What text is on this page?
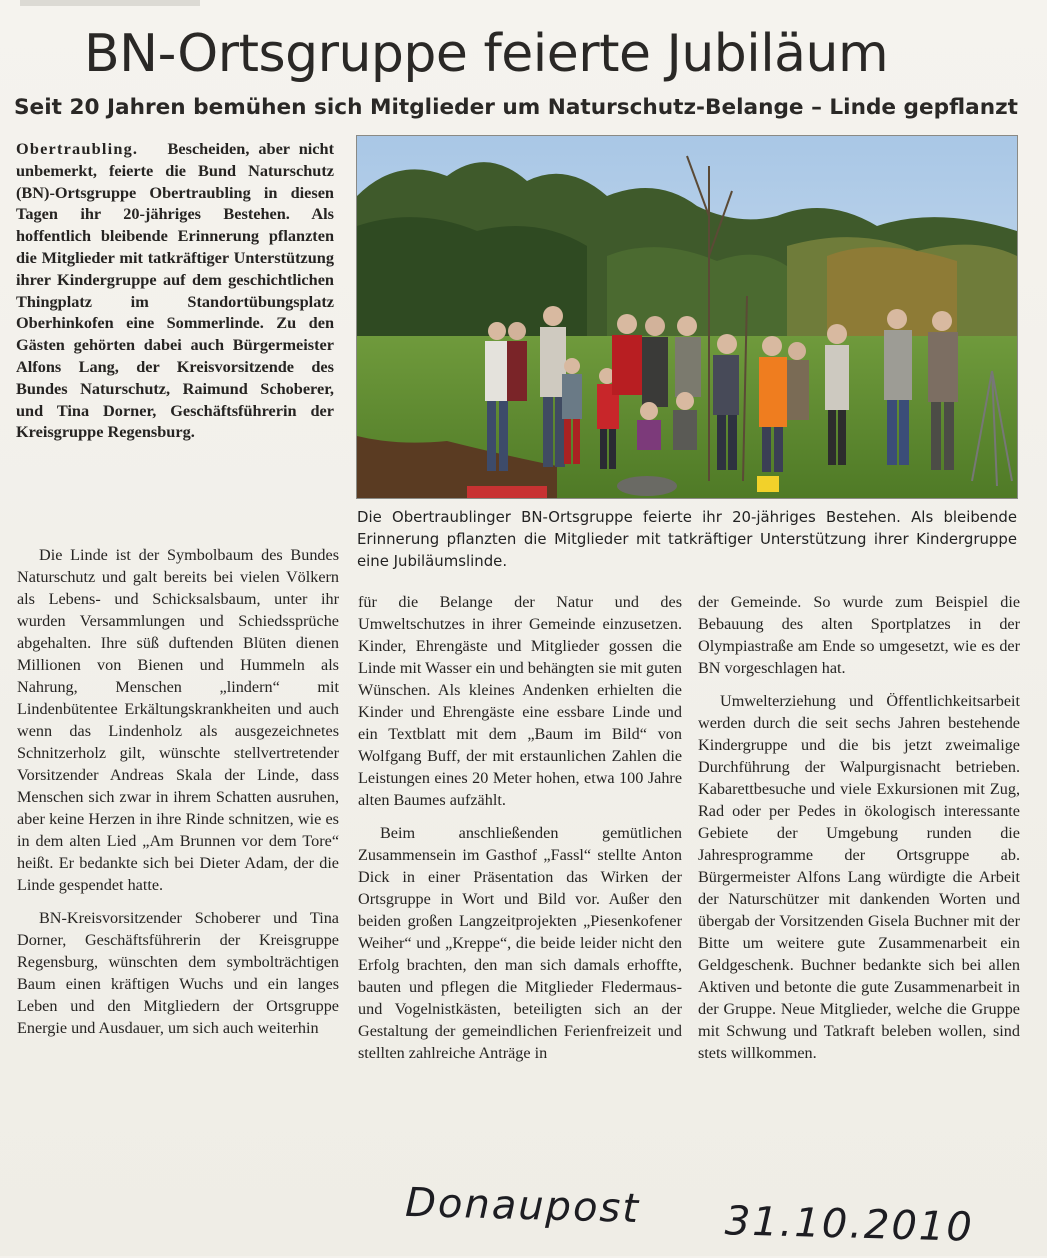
BN-Ortsgruppe feierte Jubiläum
Seit 20 Jahren bemühen sich Mitglieder um Naturschutz-Belange – Linde gepflanzt
Obertraubling.   Bescheiden, aber nicht unbemerkt, feierte die Bund Naturschutz (BN)-Ortsgruppe Obertraubling in diesen Tagen ihr 20-jähriges Bestehen. Als hoffentlich bleibende Erinnerung pflanzten die Mitglieder mit tatkräftiger Unterstützung ihrer Kindergruppe auf dem geschichtlichen Thingplatz im Standortübungsplatz Oberhinkofen eine Sommerlinde. Zu den Gästen gehörten dabei auch Bürgermeister Alfons Lang, der Kreisvorsitzende des Bundes Naturschutz, Raimund Schoberer, und Tina Dorner, Geschäftsführerin der Kreisgruppe Regensburg.

Die Obertraublinger BN-Ortsgruppe feierte ihr 20-jähriges Bestehen. Als bleibende Erinnerung pflanzten die Mitglieder mit tatkräftiger Unterstützung ihrer Kindergruppe eine Jubiläumslinde.

Die Linde ist der Symbolbaum des Bundes Naturschutz und galt bereits bei vielen Völkern als Lebens- und Schicksalsbaum, unter ihr wurden Versammlungen und Schiedssprüche abgehalten. Ihre süß duftenden Blüten dienen Millionen von Bienen und Hummeln als Nahrung, Menschen „lindern“ mit Lindenbütentee Erkältungskrankheiten und auch wenn das Lindenholz als ausgezeichnetes Schnitzerholz gilt, wünschte stellvertretender Vorsitzender Andreas Skala der Linde, dass Menschen sich zwar in ihrem Schatten ausruhen, aber keine Herzen in ihre Rinde schnitzen, wie es in dem alten Lied „Am Brunnen vor dem Tore“ heißt. Er bedankte sich bei Dieter Adam, der die Linde gespendet hatte.

BN-Kreisvorsitzender Schoberer und Tina Dorner, Geschäftsführerin der Kreisgruppe Regensburg, wünschten dem symbolträchtigen Baum einen kräftigen Wuchs und ein langes Leben und den Mitgliedern der Ortsgruppe Energie und Ausdauer, um sich auch weiterhin

für die Belange der Natur und des Umweltschutzes in ihrer Gemeinde einzusetzen. Kinder, Ehrengäste und Mitglieder gossen die Linde mit Wasser ein und behängten sie mit guten Wünschen. Als kleines Andenken erhielten die Kinder und Ehrengäste eine essbare Linde und ein Textblatt mit dem „Baum im Bild“ von Wolfgang Buff, der mit erstaunlichen Zahlen die Leistungen eines 20 Meter hohen, etwa 100 Jahre alten Baumes aufzählt.

Beim anschließenden gemütlichen Zusammensein im Gasthof „Fassl“ stellte Anton Dick in einer Präsentation das Wirken der Ortsgruppe in Wort und Bild vor. Außer den beiden großen Langzeitprojekten „Piesenkofener Weiher“ und „Kreppe“, die beide leider nicht den Erfolg brachten, den man sich damals erhoffte, bauten und pflegen die Mitglieder Fledermaus- und Vogelnistkästen, beteiligten sich an der Gestaltung der gemeindlichen Ferienfreizeit und stellten zahlreiche Anträge in

der Gemeinde. So wurde zum Beispiel die Bebauung des alten Sportplatzes in der Olympiastraße am Ende so umgesetzt, wie es der BN vorgeschlagen hat.

Umwelterziehung und Öffentlichkeitsarbeit werden durch die seit sechs Jahren bestehende Kindergruppe und die bis jetzt zweimalige Durchführung der Walpurgisnacht betrieben. Kabarettbesuche und viele Exkursionen mit Zug, Rad oder per Pedes in ökologisch interessante Gebiete der Umgebung runden die Jahresprogramme der Ortsgruppe ab. Bürgermeister Alfons Lang würdigte die Arbeit der Naturschützer mit dankenden Worten und übergab der Vorsitzenden Gisela Buchner mit der Bitte um weitere gute Zusammenarbeit ein Geldgeschenk. Buchner bedankte sich bei allen Aktiven und betonte die gute Zusammenarbeit in der Gruppe. Neue Mitglieder, welche die Gruppe mit Schwung und Tatkraft beleben wollen, sind stets willkommen.

Donaupost 31.10.2010
